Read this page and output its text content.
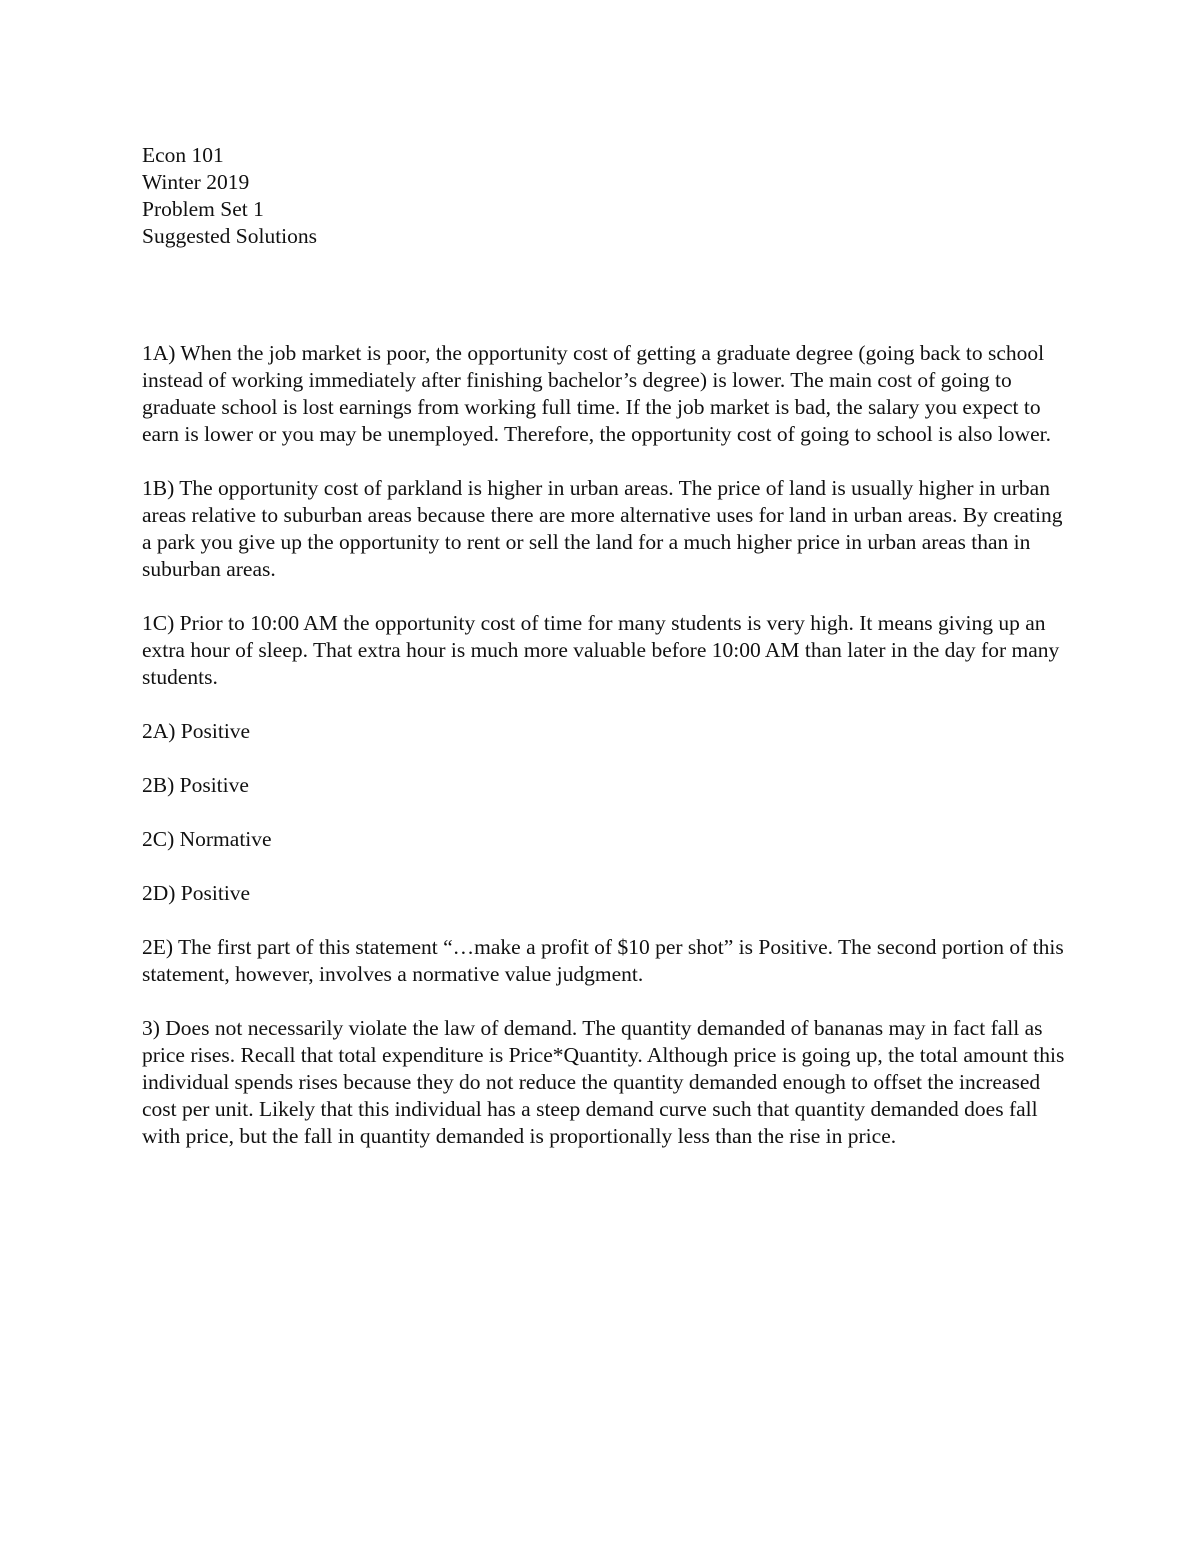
Econ 101
Winter 2019
Problem Set 1
Suggested Solutions

1A) When the job market is poor, the opportunity cost of getting a graduate degree (going back to school instead of working immediately after finishing bachelor’s degree) is lower. The main cost of going to graduate school is lost earnings from working full time. If the job market is bad, the salary you expect to earn is lower or you may be unemployed. Therefore, the opportunity cost of going to school is also lower.

1B) The opportunity cost of parkland is higher in urban areas. The price of land is usually higher in urban areas relative to suburban areas because there are more alternative uses for land in urban areas. By creating a park you give up the opportunity to rent or sell the land for a much higher price in urban areas than in suburban areas.

1C) Prior to 10:00 AM the opportunity cost of time for many students is very high. It means giving up an extra hour of sleep. That extra hour is much more valuable before 10:00 AM than later in the day for many students.

2A) Positive

2B) Positive

2C) Normative

2D) Positive

2E) The first part of this statement “…make a profit of $10 per shot” is Positive. The second portion of this statement, however, involves a normative value judgment.

3) Does not necessarily violate the law of demand. The quantity demanded of bananas may in fact fall as price rises. Recall that total expenditure is Price*Quantity. Although price is going up, the total amount this individual spends rises because they do not reduce the quantity demanded enough to offset the increased cost per unit. Likely that this individual has a steep demand curve such that quantity demanded does fall with price, but the fall in quantity demanded is proportionally less than the rise in price.
